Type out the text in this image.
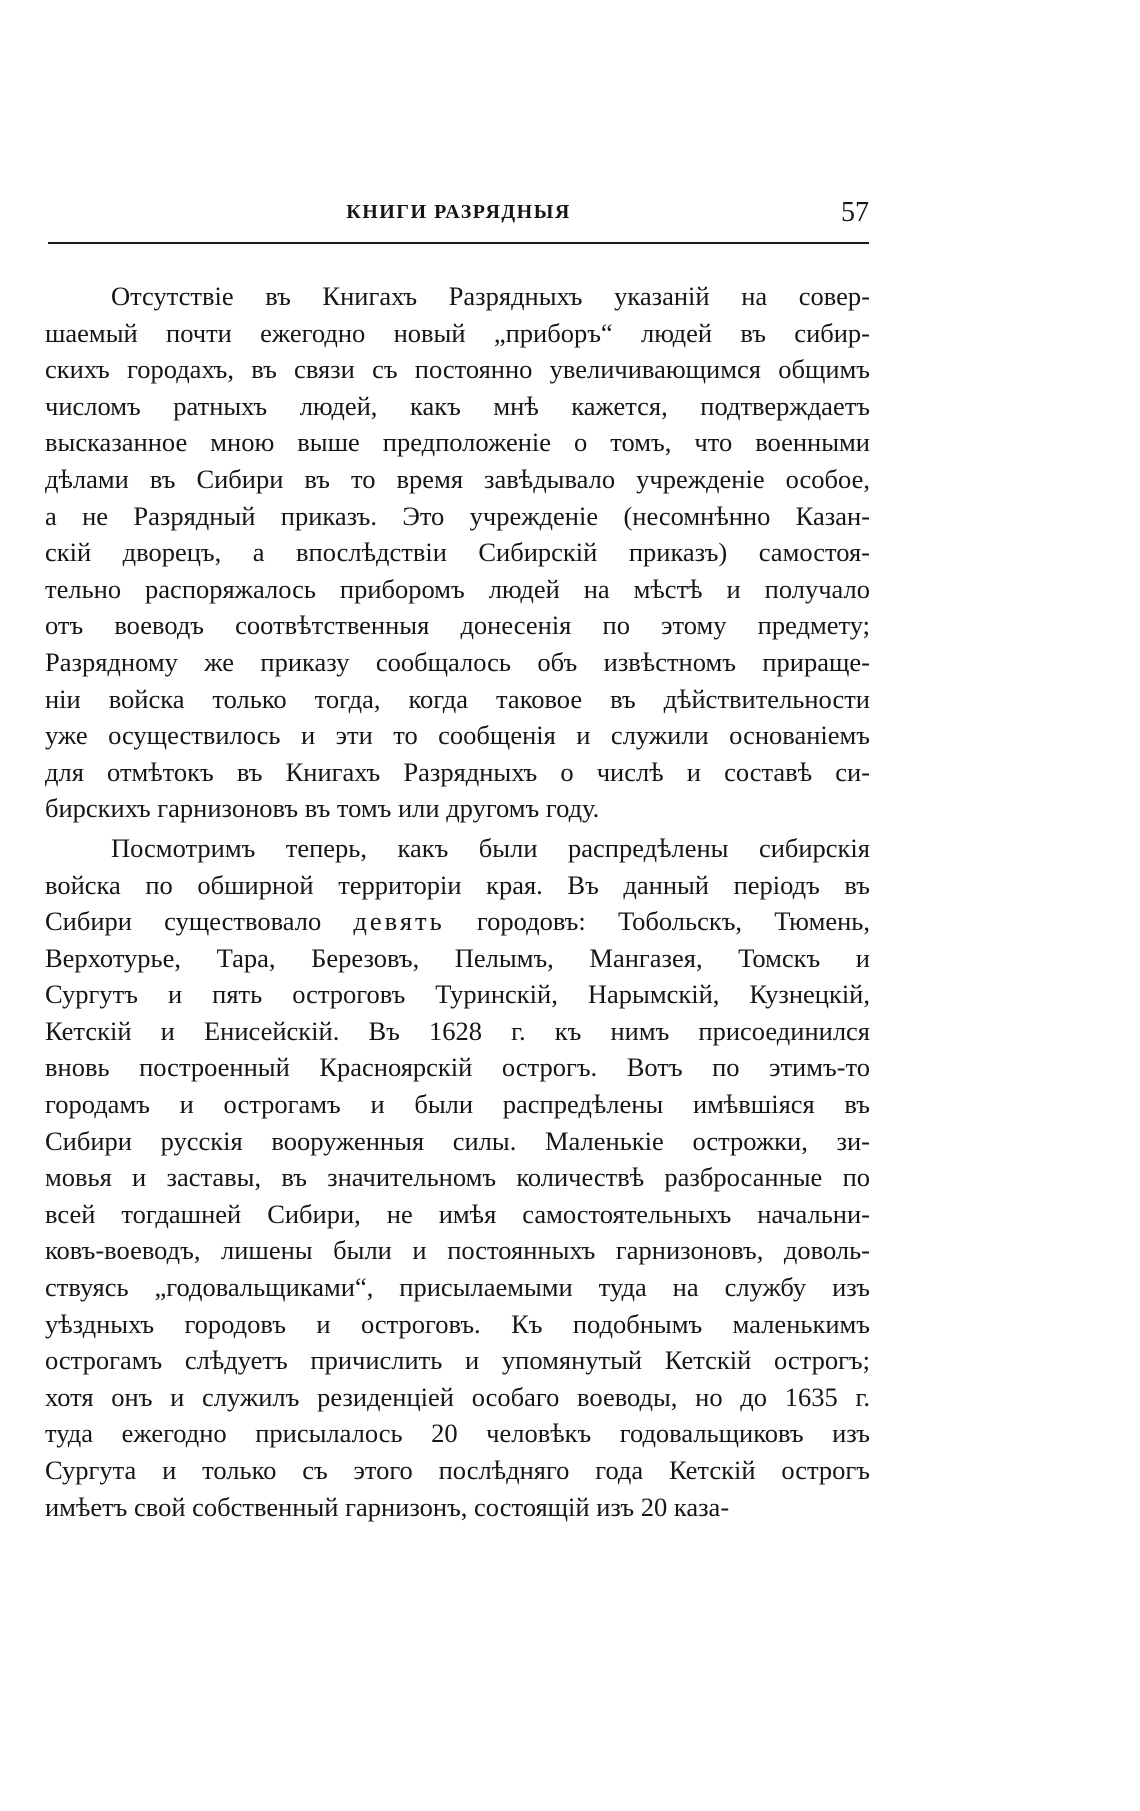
КНИГИ РАЗРЯДНЫЯ	57
Отсутствіе въ Книгахъ Разрядныхъ указаній на совер-
шаемый почти ежегодно новый „приборъ“ людей въ сибир-
скихъ городахъ, въ связи съ постоянно увеличивающимся общимъ
числомъ ратныхъ людей, какъ мнѣ кажется, подтверждаетъ
высказанное мною выше предположеніе о томъ, что военными
дѣлами въ Сибири въ то время завѣдывало учрежденіе особое,
а не Разрядный приказъ. Это учрежденіе (несомнѣнно Казан-
скій дворецъ, а впослѣдствіи Сибирскій приказъ) самостоя-
тельно распоряжалось приборомъ людей на мѣстѣ и получало
отъ воеводъ соотвѣтственныя донесенія по этому предмету;
Разрядному же приказу сообщалось объ извѣстномъ приращe-
ніи войска только тогда, когда таковое въ дѣйствительности
уже осуществилось и эти то сообщенія и служили основаніемъ
для отмѣтокъ въ Книгахъ Разрядныхъ о числѣ и составѣ си-
бирскихъ гарнизоновъ въ томъ или другомъ году.
Посмотримъ теперь, какъ были распредѣлены сибирскія
войска по обширной территоріи края. Въ данный періодъ въ
Сибири существовало девять городовъ: Тобольскъ, Тюмень,
Верхотурье, Тара, Березовъ, Пелымъ, Мангазея, Томскъ и
Сургутъ и пять остроговъ Туринскій, Нарымскій, Кузнецкій,
Кетскій и Енисейскій. Въ 1628 г. къ нимъ присоединился
вновь построенный Красноярскій острогъ. Вотъ по этимъ-то
городамъ и острогамъ и были распредѣлены имѣвшіяся въ
Сибири русскія вооруженныя силы. Маленькіе острожки, зи-
мовья и заставы, въ значительномъ количествѣ разбросанные по
всей тогдашней Сибири, не имѣя самостоятельныхъ начальни-
ковъ-воеводъ, лишены были и постоянныхъ гарнизоновъ, доволь-
ствуясь „годовальщиками“, присылаемыми туда на службу изъ
уѣздныхъ городовъ и остроговъ. Къ подобнымъ маленькимъ
острогамъ слѣдуетъ причислить и упомянутый Кетскій острогъ;
хотя онъ и служилъ резиденціей особаго воеводы, но до 1635 г.
туда ежегодно присылалось 20 человѣкъ годовальщиковъ изъ
Сургута и только съ этого послѣдняго года Кетскій острогъ
имѣетъ свой собственный гарнизонъ, состоящій изъ 20 каза-
